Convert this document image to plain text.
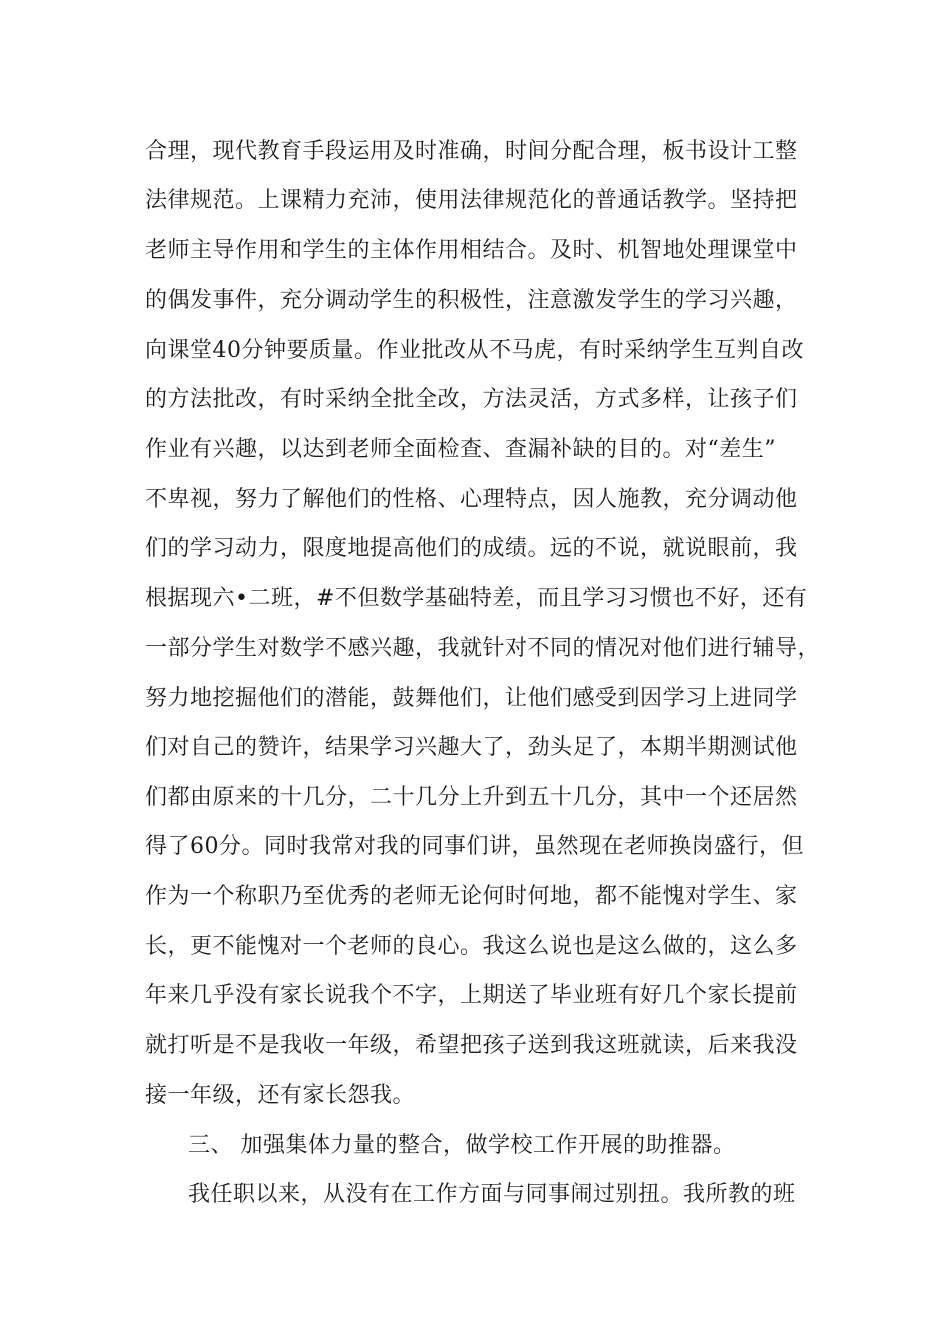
合理，现代教育手段运用及时准确，时间分配合理，板书设计工整
法律规范。上课精力充沛，使用法律规范化的普通话教学。坚持把
老师主导作用和学生的主体作用相结合。及时、机智地处理课堂中
的偶发事件，充分调动学生的积极性，注意激发学生的学习兴趣，
向课堂40分钟要质量。作业批改从不马虎，有时采纳学生互判自改
的方法批改，有时采纳全批全改，方法灵活，方式多样，让孩子们
作业有兴趣，以达到老师全面检查、查漏补缺的目的。对“差生”
不卑视，努力了解他们的性格、心理特点，因人施教，充分调动他
们的学习动力，限度地提高他们的成绩。远的不说，就说眼前，我
根据现六•二班，#不但数学基础特差，而且学习习惯也不好，还有
一部分学生对数学不感兴趣，我就针对不同的情况对他们进行辅导，
努力地挖掘他们的潜能，鼓舞他们，让他们感受到因学习上进同学
们对自己的赞许，结果学习兴趣大了，劲头足了，本期半期测试他
们都由原来的十几分，二十几分上升到五十几分，其中一个还居然
得了60分。同时我常对我的同事们讲，虽然现在老师换岗盛行，但
作为一个称职乃至优秀的老师无论何时何地，都不能愧对学生、家
长，更不能愧对一个老师的良心。我这么说也是这么做的，这么多
年来几乎没有家长说我个不字，上期送了毕业班有好几个家长提前
就打听是不是我收一年级，希望把孩子送到我这班就读，后来我没
接一年级，还有家长怨我。
三、 加强集体力量的整合，做学校工作开展的助推器。
我任职以来，从没有在工作方面与同事闹过别扭。我所教的班
